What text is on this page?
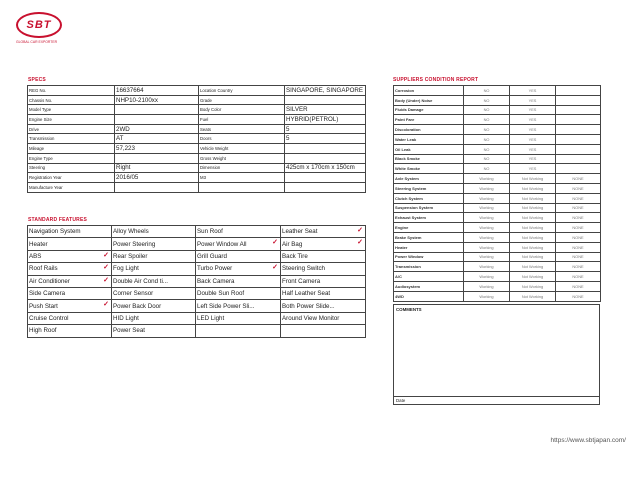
SBT
GLOBAL CAR EXPORTER
SPECS
REG No.	16637664	Location Country	SINGAPORE, SINGAPORE
Chassis No.	NHP10-2100xx	Grade	
Model Type		Body Color	SILVER
Engine Size		Fuel	HYBRID(PETROL)
Drive	2WD	Seats	5
Transmission	AT	Doors	5
Mileage	57,223	Vehicle Weight	
Engine Type		Gross Weight	
Steering	Right	Dimension	425cm x 170cm x 150cm
Registration Year	2016/05	M3	
Manufacture Year			
STANDARD FEATURES
Navigation System	Alloy Wheels	Sun Roof	Leather Seat ✓

Heater	Power Steering	Power Window All ✓	Air Bag ✓

ABS ✓	Rear Spoiler	Grill Guard	Back Tire
Roof Rails ✓	Fog Light	Turbo Power ✓	Steering Switch
Air Conditioner ✓	Double Air Cond ti...	Back Camera	Front Camera
Side Camera	Corner Sensor	Double Sun Roof	Half Leather Seat
Push Start ✓	Power Back Door	Left Side Power Sli...	Both Power Slide...
Cruise Control	HID Light	LED Light	Around View Monitor
High Roof	Power Seat		
SUPPLIERS CONDITION REPORT
Corrosion	NO	YES	
Body (Under) Noise	NO	YES	
Fluids Damage	NO	YES	
Paint Fare	NO	YES	
Discoloration	NO	YES	
Water Leak	NO	YES	
Oil Leak	NO	YES	
Black Smoke	NO	YES	
White Smoke	NO	YES	
Axle System	Working	Not Working	NONE
Steering System	Working	Not Working	NONE
Clutch System	Working	Not Working	NONE
Suspension System	Working	Not Working	NONE
Exhaust System	Working	Not Working	NONE
Engine	Working	Not Working	NONE
Brake System	Working	Not Working	NONE
Heater	Working	Not Working	NONE
Power Window	Working	Not Working	NONE
Transmission	Working	Not Working	NONE
A/C	Working	Not Working	NONE
Audiosystem	Working	Not Working	NONE
4WD	Working	Not Working	NONE
COMMENTS
Date
https://www.sbtjapan.com/
